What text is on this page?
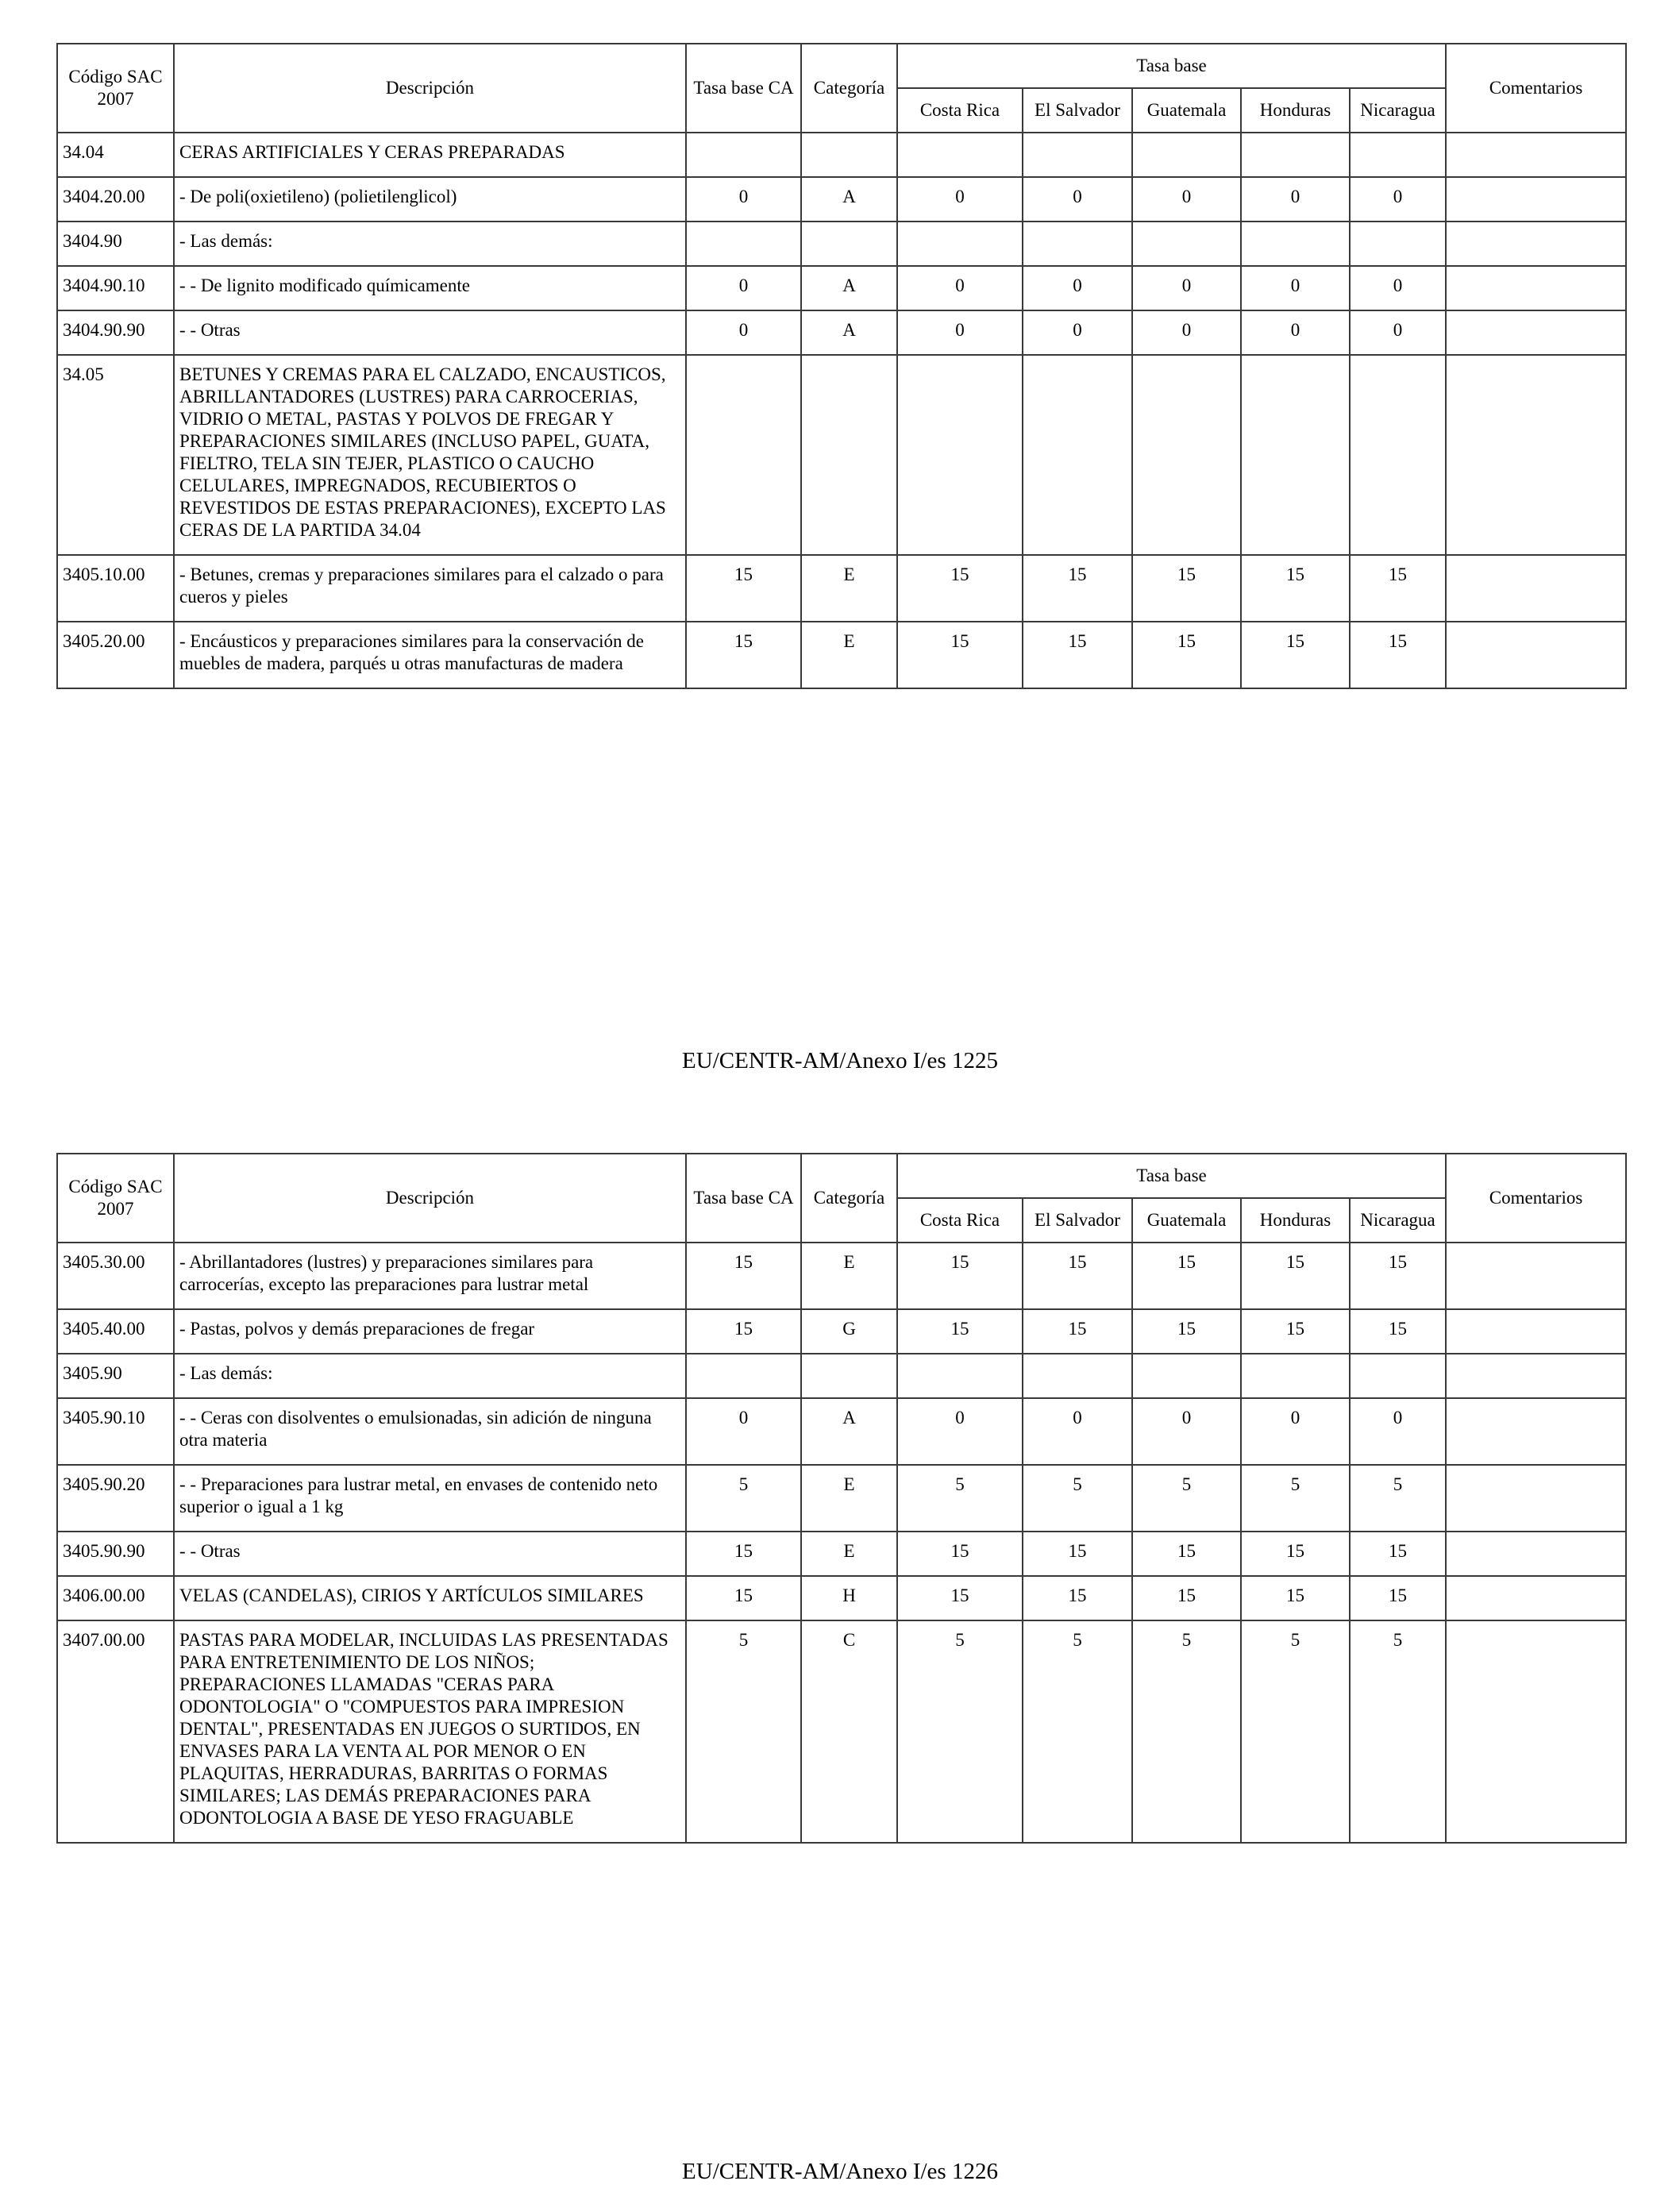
Código SAC 2007	Descripción	Tasa base CA	Categoría	Tasa base					Comentarios
				Costa Rica	El Salvador	Guatemala	Honduras	Nicaragua	
34.04	CERAS ARTIFICIALES Y CERAS PREPARADAS								
3404.20.00	- De poli(oxietileno) (polietilenglicol)	0	A	0	0	0	0	0	
3404.90	- Las demás:								
3404.90.10	- - De lignito modificado químicamente	0	A	0	0	0	0	0	
3404.90.90	- - Otras	0	A	0	0	0	0	0	
34.05	BETUNES Y CREMAS PARA EL CALZADO, ENCAUSTICOS, ABRILLANTADORES (LUSTRES) PARA CARROCERIAS, VIDRIO O METAL, PASTAS Y POLVOS DE FREGAR Y PREPARACIONES SIMILARES (INCLUSO PAPEL, GUATA, FIELTRO, TELA SIN TEJER, PLASTICO O CAUCHO CELULARES, IMPREGNADOS, RECUBIERTOS O REVESTIDOS DE ESTAS PREPARACIONES), EXCEPTO LAS CERAS DE LA PARTIDA 34.04								
3405.10.00	- Betunes, cremas y preparaciones similares para el calzado o para cueros y pieles	15	E	15	15	15	15	15	
3405.20.00	- Encáusticos y preparaciones similares para la conservación de muebles de madera, parqués u otras manufacturas de madera	15	E	15	15	15	15	15	
EU/CENTR-AM/Anexo I/es 1225
Código SAC 2007	Descripción	Tasa base CA	Categoría	Tasa base					Comentarios
				Costa Rica	El Salvador	Guatemala	Honduras	Nicaragua	
3405.30.00	- Abrillantadores (lustres) y preparaciones similares para carrocerías, excepto las preparaciones para lustrar metal	15	E	15	15	15	15	15	
3405.40.00	- Pastas, polvos y demás preparaciones de fregar	15	G	15	15	15	15	15	
3405.90	- Las demás:								
3405.90.10	- - Ceras con disolventes o emulsionadas, sin adición de ninguna otra materia	0	A	0	0	0	0	0	
3405.90.20	- - Preparaciones para lustrar metal, en envases de contenido neto superior o igual a 1 kg	5	E	5	5	5	5	5	
3405.90.90	- - Otras	15	E	15	15	15	15	15	
3406.00.00	VELAS (CANDELAS), CIRIOS Y ARTÍCULOS SIMILARES	15	H	15	15	15	15	15	
3407.00.00	PASTAS PARA MODELAR, INCLUIDAS LAS PRESENTADAS PARA ENTRETENIMIENTO DE LOS NIÑOS; PREPARACIONES LLAMADAS "CERAS PARA ODONTOLOGIA" O "COMPUESTOS PARA IMPRESION DENTAL", PRESENTADAS EN JUEGOS O SURTIDOS, EN ENVASES PARA LA VENTA AL POR MENOR O EN PLAQUITAS, HERRADURAS, BARRITAS O FORMAS SIMILARES; LAS DEMÁS PREPARACIONES PARA ODONTOLOGIA A BASE DE YESO FRAGUABLE	5	C	5	5	5	5	5	
EU/CENTR-AM/Anexo I/es 1226
